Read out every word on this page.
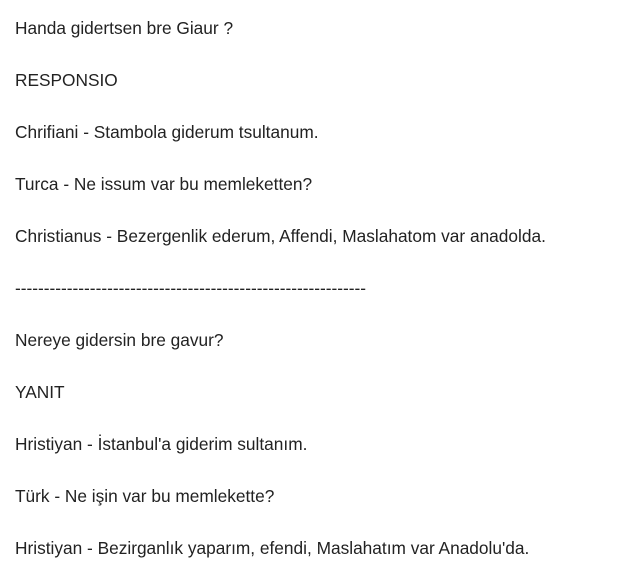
Handa gidertsen bre Giaur ?
RESPONSIO
Chrifiani - Stambola giderum tsultanum.
Turca - Ne issum var bu memleketten?
Christianus - Bezergenlik ederum, Affendi, Maslahatom var anadolda.
-------------------------------------------------------------
Nereye gidersin bre gavur?
YANIT
Hristiyan - İstanbul'a giderim sultanım.
Türk - Ne işin var bu memlekette?
Hristiyan - Bezirganlık yaparım, efendi, Maslahatım var Anadolu'da.
